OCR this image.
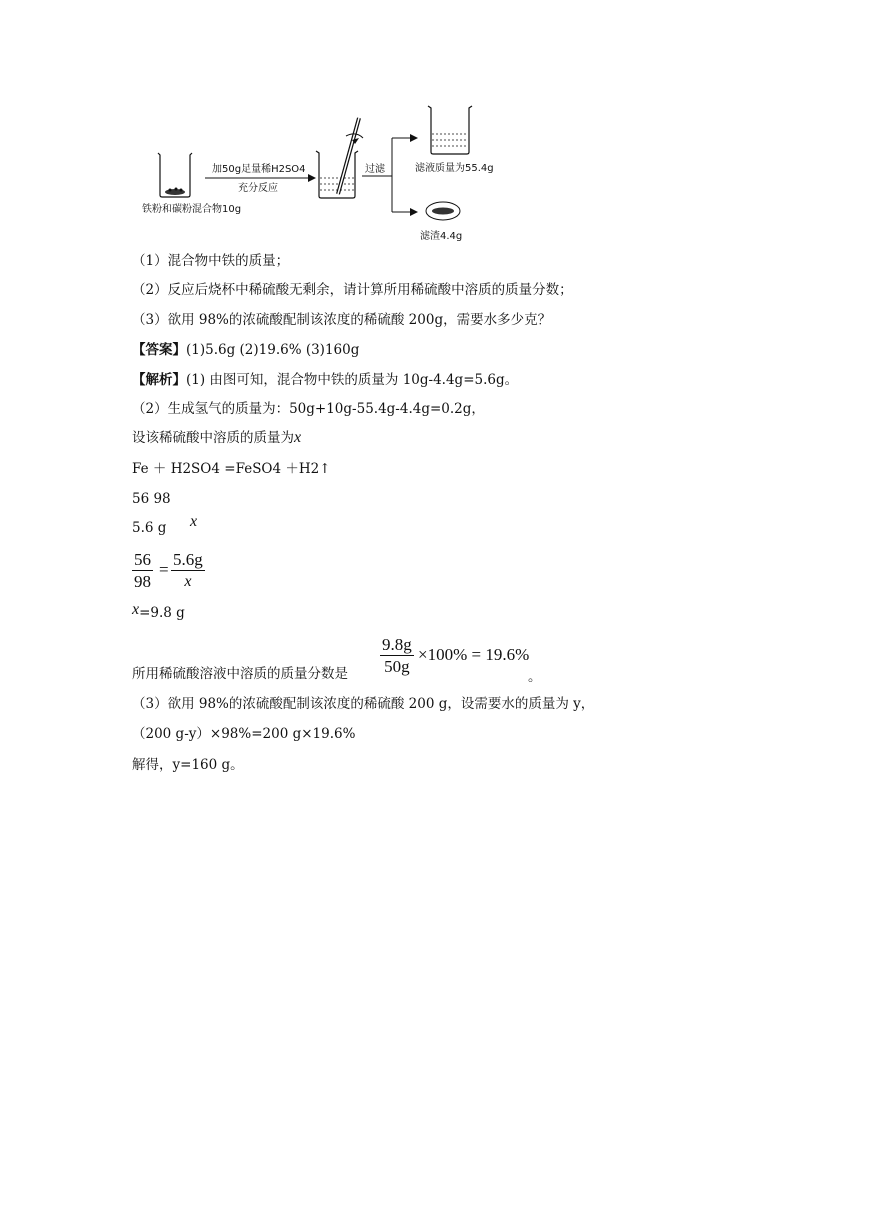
铁粉和碳粉混合物10g
加50g足量稀H2SO4
充分反应
过滤	滤液质量为55.4g
滤渣4.4g
（1）混合物中铁的质量；
（2）反应后烧杯中稀硫酸无剩余，请计算所用稀硫酸中溶质的质量分数；
（3）欲用 98%的浓硫酸配制该浓度的稀硫酸 200g，需要水多少克？
【答案】(1)5.6g (2)19.6% (3)160g
【解析】(1) 由图可知，混合物中铁的质量为 10g-4.4g=5.6g。
（2）生成氢气的质量为：50g+10g-55.4g-4.4g=0.2g，
设该稀硫酸中溶质的质量为x
Fe ＋ H2SO4 =FeSO4 ＋H2↑
56 98
5.6 g x
$\frac{56}{98} = \frac{5.6g}{x}$
x=9.8 g
所用稀硫酸溶液中溶质的质量分数是 $\frac{9.8g}{50g} \times 100\% = 19.6\%$
。
（3）欲用 98%的浓硫酸配制该浓度的稀硫酸 200 g，设需要水的质量为 y，
（200 g-y）×98%=200 g×19.6%
解得，y=160 g。
